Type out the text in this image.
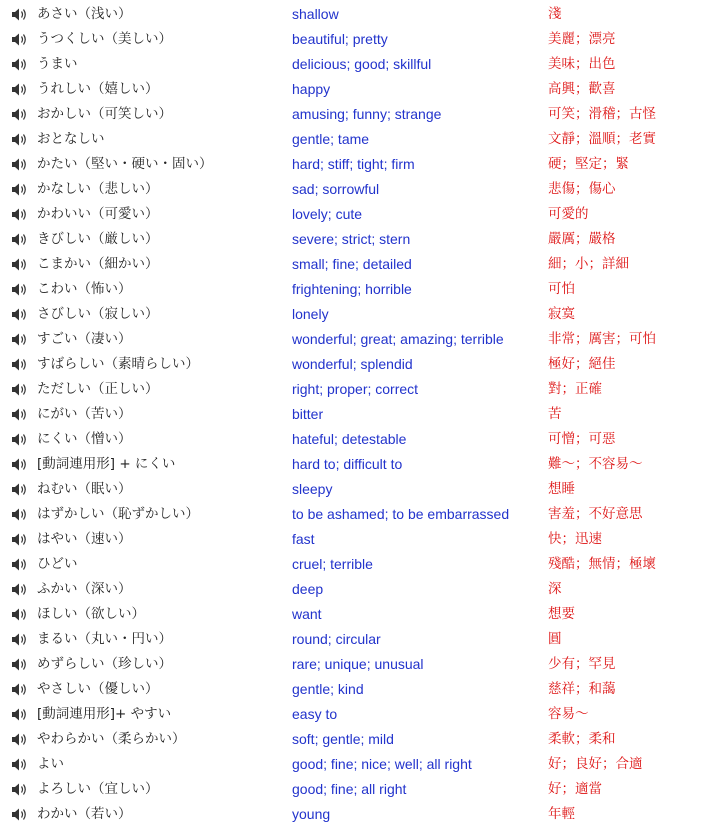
あさい（浅い）	shallow	淺
うつくしい（美しい）	beautiful; pretty	美麗；漂亮
うまい	delicious; good; skillful	美味；出色
うれしい（嬉しい）	happy	高興；歡喜
おかしい（可笑しい）	amusing; funny; strange	可笑；滑稽；古怪
おとなしい	gentle; tame	文靜；溫順；老實
かたい（堅い・硬い・固い）	hard; stiff; tight; firm	硬；堅定；緊
かなしい（悲しい）	sad; sorrowful	悲傷；傷心
かわいい（可愛い）	lovely; cute	可愛的
きびしい（厳しい）	severe; strict; stern	嚴厲；嚴格
こまかい（細かい）	small; fine; detailed	細；小；詳細
こわい（怖い）	frightening; horrible	可怕
さびしい（寂しい）	lonely	寂寞
すごい（凄い）	wonderful; great; amazing; terrible	非常；厲害；可怕
すばらしい（素晴らしい）	wonderful; splendid	極好；絕佳
ただしい（正しい）	right; proper; correct	對；正確
にがい（苦い）	bitter	苦
にくい（憎い）	hateful; detestable	可憎；可惡
[動詞連用形] + にくい	hard to; difficult to	難～；不容易～
ねむい（眠い）	sleepy	想睡
はずかしい（恥ずかしい）	to be ashamed; to be embarrassed	害羞；不好意思
はやい（速い）	fast	快；迅速
ひどい	cruel; terrible	殘酷；無情；極壞
ふかい（深い）	deep	深
ほしい（欲しい）	want	想要
まるい（丸い・円い）	round; circular	圓
めずらしい（珍しい）	rare; unique; unusual	少有；罕見
やさしい（優しい）	gentle; kind	慈祥；和藹
[動詞連用形]+ やすい	easy to	容易～
やわらかい（柔らかい）	soft; gentle; mild	柔軟；柔和
よい	good; fine; nice; well; all right	好；良好；合適
よろしい（宜しい）	good; fine; all right	好；適當
わかい（若い）	young	年輕
